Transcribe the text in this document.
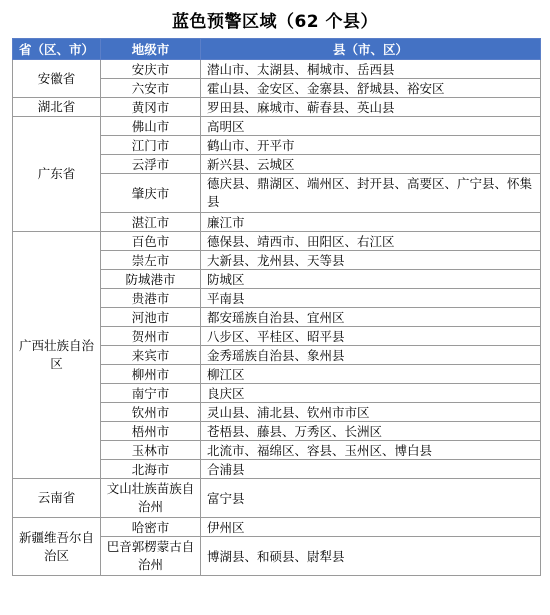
蓝色预警区域（62 个县）
省（区、市）	地级市	县（市、区）
安徽省	安庆市	潜山市、太湖县、桐城市、岳西县
	六安市	霍山县、金安区、金寨县、舒城县、裕安区
湖北省	黄冈市	罗田县、麻城市、蕲春县、英山县
广东省	佛山市	高明区
	江门市	鹤山市、开平市
	云浮市	新兴县、云城区
	肇庆市	德庆县、鼎湖区、端州区、封开县、高要区、广宁县、怀集县
	湛江市	廉江市
广西壮族自治区	百色市	德保县、靖西市、田阳区、右江区
	崇左市	大新县、龙州县、天等县
	防城港市	防城区
	贵港市	平南县
	河池市	都安瑶族自治县、宜州区
	贺州市	八步区、平桂区、昭平县
	来宾市	金秀瑶族自治县、象州县
	柳州市	柳江区
	南宁市	良庆区
	钦州市	灵山县、浦北县、钦州市市区
	梧州市	苍梧县、藤县、万秀区、长洲区
	玉林市	北流市、福绵区、容县、玉州区、博白县
	北海市	合浦县
云南省	文山壮族苗族自治州	富宁县
新疆维吾尔自治区	哈密市	伊州区
	巴音郭楞蒙古自治州	博湖县、和硕县、尉犁县
